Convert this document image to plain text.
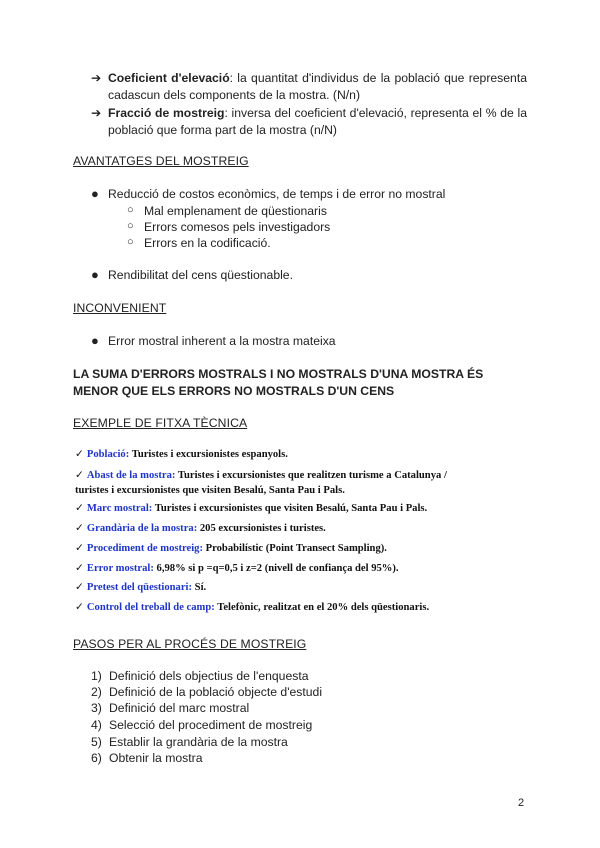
➔ Coeficient d'elevació: la quantitat d'individus de la població que representa cadascun dels components de la mostra. (N/n)
➔ Fracció de mostreig: inversa del coeficient d'elevació, representa el % de la població que forma part de la mostra (n/N)
AVANTATGES DEL MOSTREIG
● Reducció de costos econòmics, de temps i de error no mostral
○ Mal emplenament de qüestionaris
○ Errors comesos pels investigadors
○ Errors en la codificació.
● Rendibilitat del cens qüestionable.
INCONVENIENT
● Error mostral inherent a la mostra mateixa
LA SUMA D'ERRORS MOSTRALS I NO MOSTRALS D'UNA MOSTRA ÉS MENOR QUE ELS ERRORS NO MOSTRALS D'UN CENS
EXEMPLE DE FITXA TÈCNICA
✓ Població: Turistes i excursionistes espanyols.
✓ Abast de la mostra: Turistes i excursionistes que realitzen turisme a Catalunya /
turistes i excursionistes que visiten Besalú, Santa Pau i Pals.
✓ Marc mostral: Turistes i excursionistes que visiten Besalú, Santa Pau i Pals.
✓ Grandària de la mostra: 205 excursionistes i turistes.
✓ Procediment de mostreig: Probabilístic (Point Transect Sampling).
✓ Error mostral: 6,98% si p =q=0,5 i z=2 (nivell de confiança del 95%).
✓ Pretest del qüestionari: Sí.
✓ Control del treball de camp: Telefònic, realitzat en el 20% dels qüestionaris.
PASOS PER AL PROCÉS DE MOSTREIG
1) Definició dels objectius de l'enquesta
2) Definició de la població objecte d'estudi
3) Definició del marc mostral
4) Selecció del procediment de mostreig
5) Establir la grandària de la mostra
6) Obtenir la mostra
2
